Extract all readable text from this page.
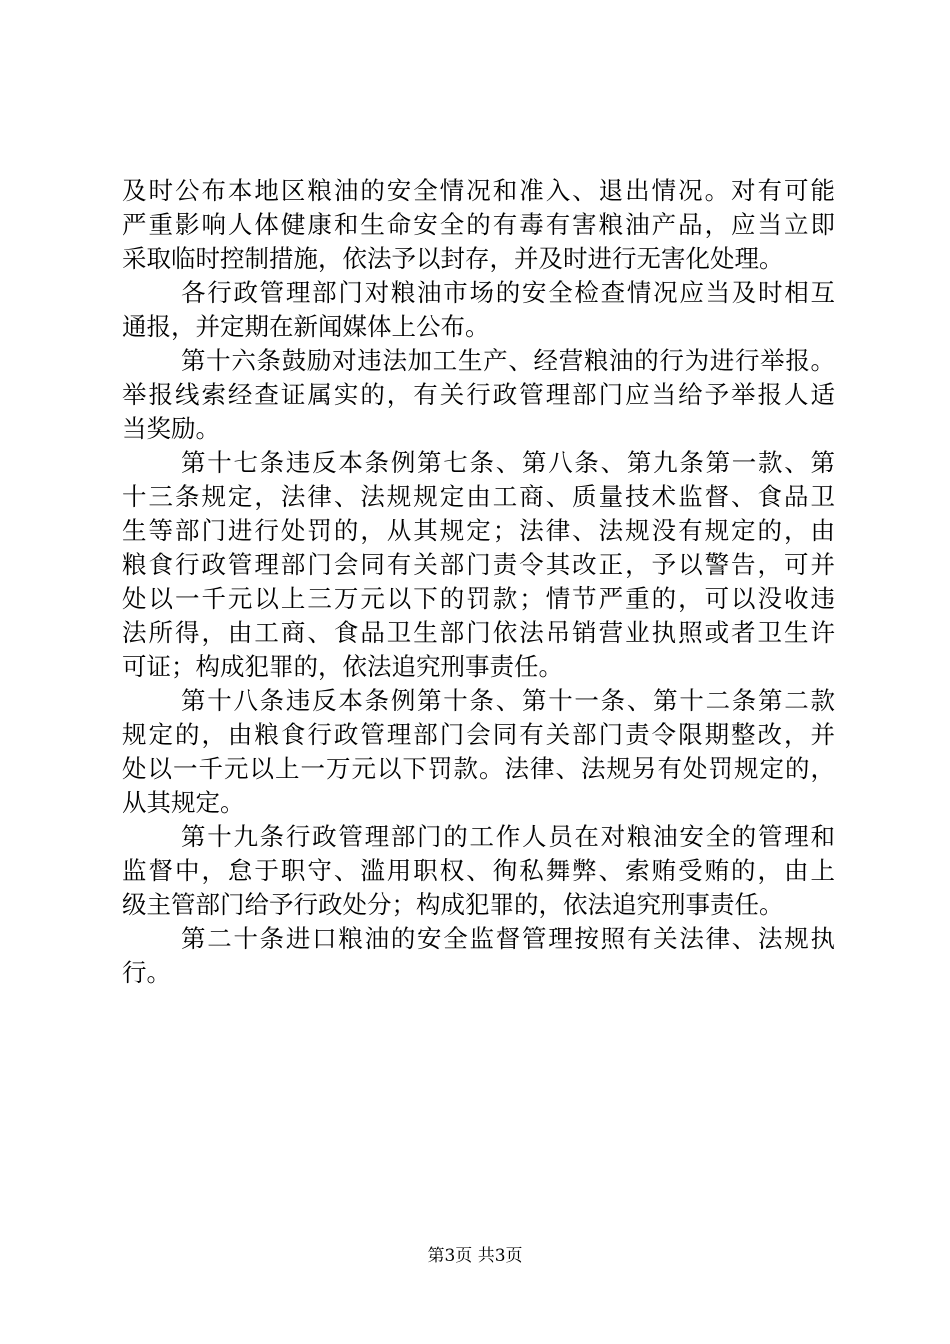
及时公布本地区粮油的安全情况和准入、退出情况。对有可能
严重影响人体健康和生命安全的有毒有害粮油产品，应当立即
采取临时控制措施，依法予以封存，并及时进行无害化处理。
各行政管理部门对粮油市场的安全检查情况应当及时相互
通报，并定期在新闻媒体上公布。
第十六条鼓励对违法加工生产、经营粮油的行为进行举报。
举报线索经查证属实的，有关行政管理部门应当给予举报人适
当奖励。
第十七条违反本条例第七条、第八条、第九条第一款、第
十三条规定，法律、法规规定由工商、质量技术监督、食品卫
生等部门进行处罚的，从其规定；法律、法规没有规定的，由
粮食行政管理部门会同有关部门责令其改正，予以警告，可并
处以一千元以上三万元以下的罚款；情节严重的，可以没收违
法所得，由工商、食品卫生部门依法吊销营业执照或者卫生许
可证；构成犯罪的，依法追究刑事责任。
第十八条违反本条例第十条、第十一条、第十二条第二款
规定的，由粮食行政管理部门会同有关部门责令限期整改，并
处以一千元以上一万元以下罚款。法律、法规另有处罚规定的，
从其规定。
第十九条行政管理部门的工作人员在对粮油安全的管理和
监督中，怠于职守、滥用职权、徇私舞弊、索贿受贿的，由上
级主管部门给予行政处分；构成犯罪的，依法追究刑事责任。
第二十条进口粮油的安全监督管理按照有关法律、法规执
行。
第3页 共3页
